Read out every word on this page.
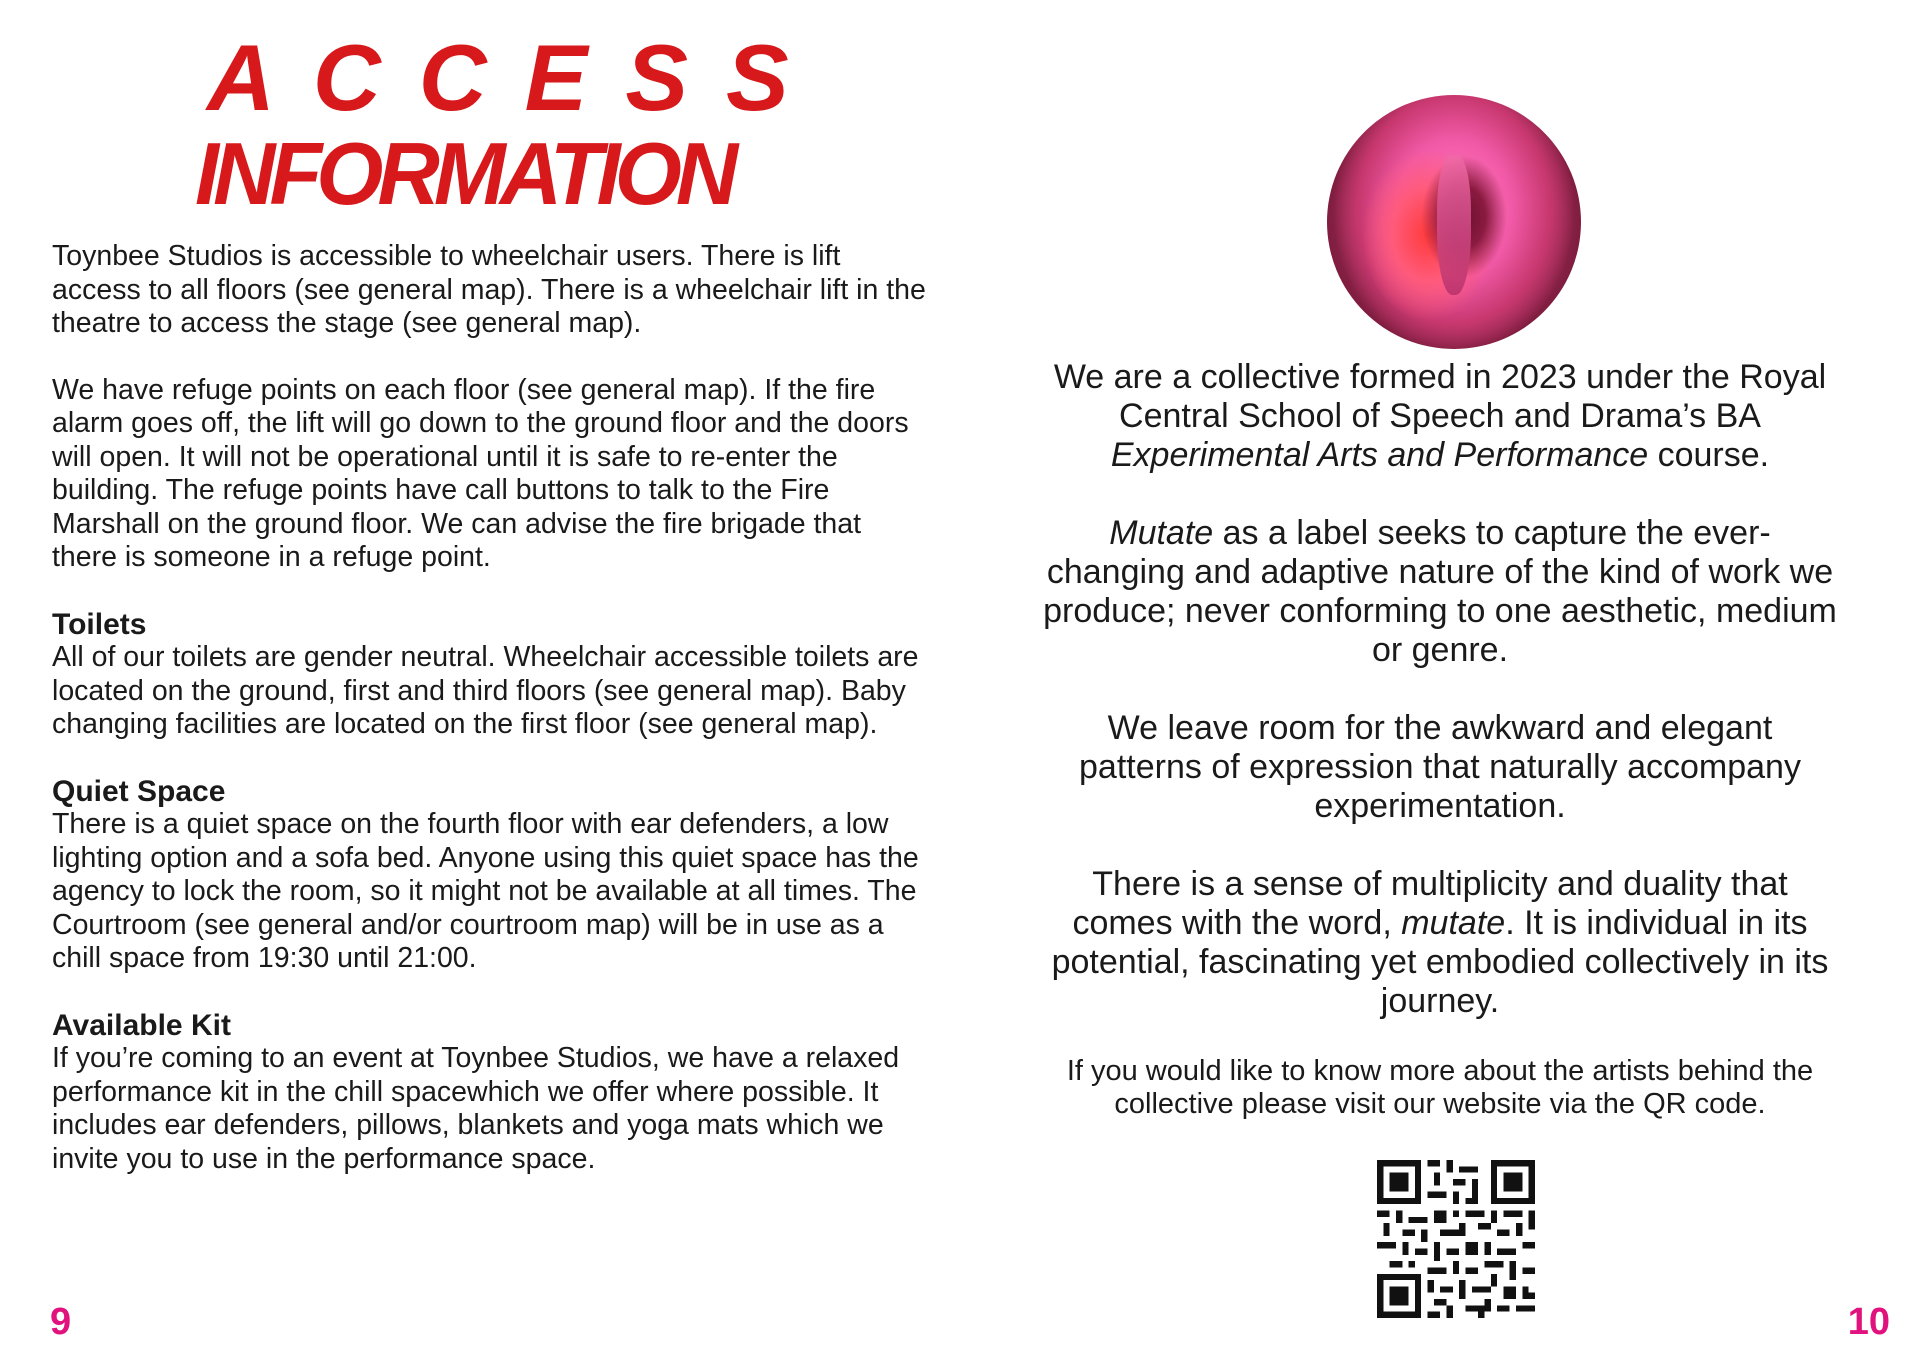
ACCESS
INFORMATION

Toynbee Studios is accessible to wheelchair users. There is lift access to all floors (see general map). There is a wheelchair lift in the theatre to access the stage (see general map).

We have refuge points on each floor (see general map). If the fire alarm goes off, the lift will go down to the ground floor and the doors will open. It will not be operational until it is safe to re-enter the building. The refuge points have call buttons to talk to the Fire Marshall on the ground floor. We can advise the fire brigade that there is someone in a refuge point.

Toilets

All of our toilets are gender neutral. Wheelchair accessible toilets are located on the ground, first and third floors (see general map). Baby changing facilities are located on the first floor (see general map).

Quiet Space

There is a quiet space on the fourth floor with ear defenders, a low lighting option and a sofa bed. Anyone using this quiet space has the agency to lock the room, so it might not be available at all times. The Courtroom (see general and/or courtroom map) will be in use as a chill space from 19:30 until 21:00.

Available Kit

If you’re coming to an event at Toynbee Studios, we have a relaxed performance kit in the chill spacewhich we offer where possible. It includes ear defenders, pillows, blankets and yoga mats which we invite you to use in the performance space.

9

We are a collective formed in 2023 under the Royal Central School of Speech and Drama’s BA Experimental Arts and Performance course.

Mutate as a label seeks to capture the ever-changing and adaptive nature of the kind of work we produce; never conforming to one aesthetic, medium or genre.

We leave room for the awkward and elegant patterns of expression that naturally accompany experimentation.

There is a sense of multiplicity and duality that comes with the word, mutate. It is individual in its potential, fascinating yet embodied collectively in its journey.

If you would like to know more about the artists behind the collective please visit our website via the QR code.
10
